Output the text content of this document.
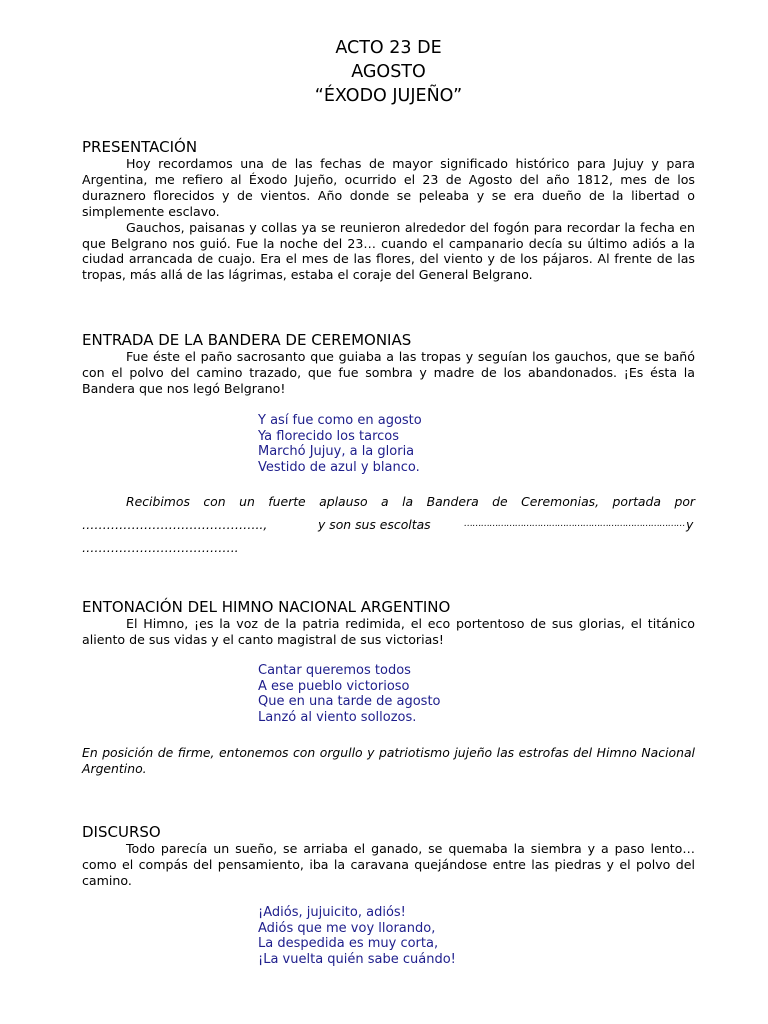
ACTO 23 DE
AGOSTO
“ÉXODO JUJEÑO”

PRESENTACIÓN

Hoy recordamos una de las fechas de mayor significado histórico para Jujuy y para Argentina, me refiero al Éxodo Jujeño, ocurrido el 23 de Agosto del año 1812, mes de los duraznero florecidos y de vientos. Año donde se peleaba y se era dueño de la libertad o simplemente esclavo.

Gauchos, paisanas y collas ya se reunieron alrededor del fogón para recordar la fecha en que Belgrano nos guió. Fue la noche del 23… cuando el campanario decía su último adiós a la ciudad arrancada de cuajo. Era el mes de las flores, del viento y de los pájaros. Al frente de las tropas, más allá de las lágrimas, estaba el coraje del General Belgrano.

ENTRADA DE LA BANDERA DE CEREMONIAS

Fue éste el paño sacrosanto que guiaba a las tropas y seguían los gauchos, que se bañó con el polvo del camino trazado, que fue sombra y madre de los abandonados. ¡Es ésta la Bandera que nos legó Belgrano!

Y así fue como en agosto
Ya florecido los tarcos
Marchó Jujuy, a la gloria
Vestido de azul y blanco.

Recibimos con un fuerte aplauso a la Bandera de Ceremonias, portada por

……………………………………..,	y son sus escoltas	…………………………………………………………………… y
………………………………..

ENTONACIÓN DEL HIMNO NACIONAL ARGENTINO

El Himno, ¡es la voz de la patria redimida, el eco portentoso de sus glorias, el titánico aliento de sus vidas y el canto magistral de sus victorias!

Cantar queremos todos
A ese pueblo victorioso
Que en una tarde de agosto
Lanzó al viento sollozos.

En posición de firme, entonemos con orgullo y patriotismo jujeño las estrofas del Himno Nacional Argentino.

DISCURSO

Todo parecía un sueño, se arriaba el ganado, se quemaba la siembra y a paso lento… como el compás del pensamiento, iba la caravana quejándose entre las piedras y el polvo del camino.

¡Adiós, jujuicito, adiós!
Adiós que me voy llorando,
La despedida es muy corta,
¡La vuelta quién sabe cuándo!
